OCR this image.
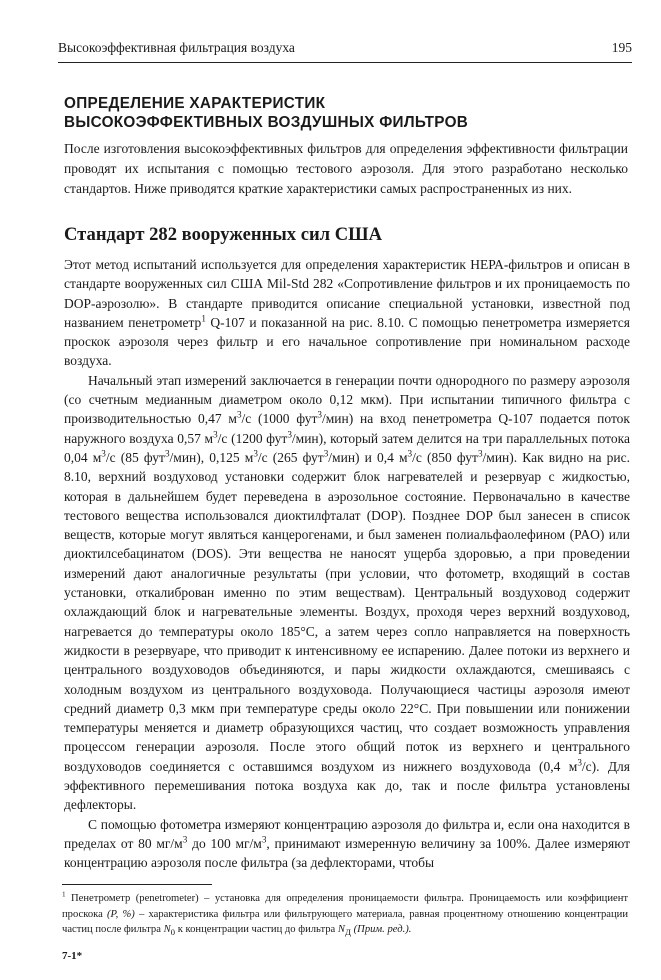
Высокоэффективная фильтрация воздуха	195
ОПРЕДЕЛЕНИЕ ХАРАКТЕРИСТИК
ВЫСОКОЭФФЕКТИВНЫХ ВОЗДУШНЫХ ФИЛЬТРОВ

После изготовления высокоэффективных фильтров для определения эффективности фильтрации проводят их испытания с помощью тестового аэрозоля. Для этого разработано несколько стандартов. Ниже приводятся краткие характеристики самых распространенных из них.

Стандарт 282 вооруженных сил США

Этот метод испытаний используется для определения характеристик НЕРА-фильтров и описан в стандарте вооруженных сил США Mil-Std 282 «Сопротивление фильтров и их проницаемость по DOP-аэрозолю». В стандарте приводится описание специальной установки, известной под названием пенетрометр$^1$ Q-107 и показанной на рис. 8.10. С помощью пенетрометра измеряется проскок аэрозоля через фильтр и его начальное сопротивление при номинальном расходе воздуха.

Начальный этап измерений заключается в генерации почти однородного по размеру аэрозоля (со счетным медианным диаметром около 0,12 мкм). При испытании типичного фильтра с производительностью 0,47 $м^3/с$ (1000 фут$^3$/мин) на вход пенетрометра Q-107 подается поток наружного воздуха 0,57 $м^3/с$ (1200 фут$^3$/мин), который затем делится на три параллельных потока 0,04 $м^3/с$ (85 фут$^3$/мин), 0,125 $м^3/с$ (265 фут$^3$/мин) и 0,4 $м^3/с$ (850 фут$^3$/мин). Как видно на рис. 8.10, верхний воздуховод установки содержит блок нагревателей и резервуар с жидкостью, которая в дальнейшем будет переведена в аэрозольное состояние. Первоначально в качестве тестового вещества использовался диоктилфталат (DOP). Позднее DOP был занесен в список веществ, которые могут являться канцерогенами, и был заменен полиальфаолефином (PAO) или диоктилсебацинатом (DOS). Эти вещества не наносят ущерба здоровью, а при проведении измерений дают аналогичные результаты (при условии, что фотометр, входящий в состав установки, откалиброван именно по этим веществам). Центральный воздуховод содержит охлаждающий блок и нагревательные элементы. Воздух, проходя через верхний воздуховод, нагревается до температуры около 185°С, а затем через сопло направляется на поверхность жидкости в резервуаре, что приводит к интенсивному ее испарению. Далее потоки из верхнего и центрального воздуховодов объединяются, и пары жидкости охлаждаются, смешиваясь с холодным воздухом из центрального воздуховода. Получающиеся частицы аэрозоля имеют средний диаметр 0,3 мкм при температуре среды около 22°С. При повышении или понижении температуры меняется и диаметр образующихся частиц, что создает возможность управления процессом генерации аэрозоля. После этого общий поток из верхнего и центрального воздуховодов соединяется с оставшимся воздухом из нижнего воздуховода (0,4 $м^3/с$). Для эффективного перемешивания потока воздуха как до, так и после фильтра установлены дефлекторы.

С помощью фотометра измеряют концентрацию аэрозоля до фильтра и, если она находится в пределах от 80 $мг/м^3$ до 100 $мг/м^3$, принимают измеренную величину за 100%. Далее измеряют концентрацию аэрозоля после фильтра (за дефлекторами, чтобы

$^1$ Пенетрометр (penetrometer) – установка для определения проницаемости фильтра. Проницаемость или коэффициент проскока (P, %) – характеристика фильтра или фильтрующего материала, равная процентному отношению концентрации частиц после фильтра $N_0$ к концентрации частиц до фильтра $N_Д$ (Прим. ред.).

7-1*
